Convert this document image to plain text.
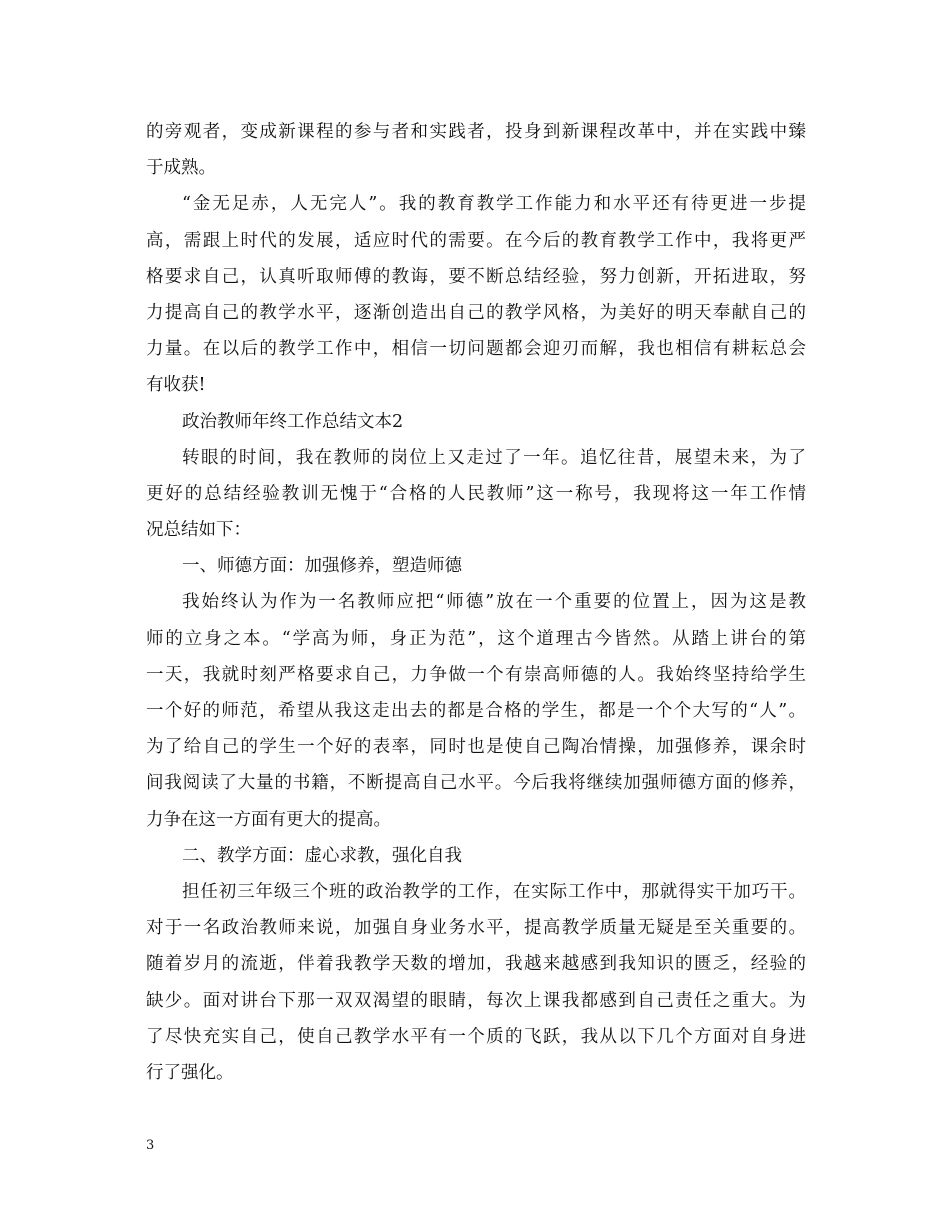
的旁观者，变成新课程的参与者和实践者，投身到新课程改革中，并在实践中臻
于成熟。
“金无足赤，人无完人”。我的教育教学工作能力和水平还有待更进一步提
高，需跟上时代的发展，适应时代的需要。在今后的教育教学工作中，我将更严
格要求自己，认真听取师傅的教诲，要不断总结经验，努力创新，开拓进取，努
力提高自己的教学水平，逐渐创造出自己的教学风格，为美好的明天奉献自己的
力量。在以后的教学工作中，相信一切问题都会迎刃而解，我也相信有耕耘总会
有收获!
政治教师年终工作总结文本2
转眼的时间，我在教师的岗位上又走过了一年。追忆往昔，展望未来，为了
更好的总结经验教训无愧于“合格的人民教师”这一称号，我现将这一年工作情
况总结如下：
一、师德方面：加强修养，塑造师德
我始终认为作为一名教师应把“师德”放在一个重要的位置上，因为这是教
师的立身之本。“学高为师，身正为范”，这个道理古今皆然。从踏上讲台的第
一天，我就时刻严格要求自己，力争做一个有崇高师德的人。我始终坚持给学生
一个好的师范，希望从我这走出去的都是合格的学生，都是一个个大写的“人”。
为了给自己的学生一个好的表率，同时也是使自己陶冶情操，加强修养，课余时
间我阅读了大量的书籍，不断提高自己水平。今后我将继续加强师德方面的修养，
力争在这一方面有更大的提高。
二、教学方面：虚心求教，强化自我
担任初三年级三个班的政治教学的工作，在实际工作中，那就得实干加巧干。
对于一名政治教师来说，加强自身业务水平，提高教学质量无疑是至关重要的。
随着岁月的流逝，伴着我教学天数的增加，我越来越感到我知识的匮乏，经验的
缺少。面对讲台下那一双双渴望的眼睛，每次上课我都感到自己责任之重大。为
了尽快充实自己，使自己教学水平有一个质的飞跃，我从以下几个方面对自身进
行了强化。
3
